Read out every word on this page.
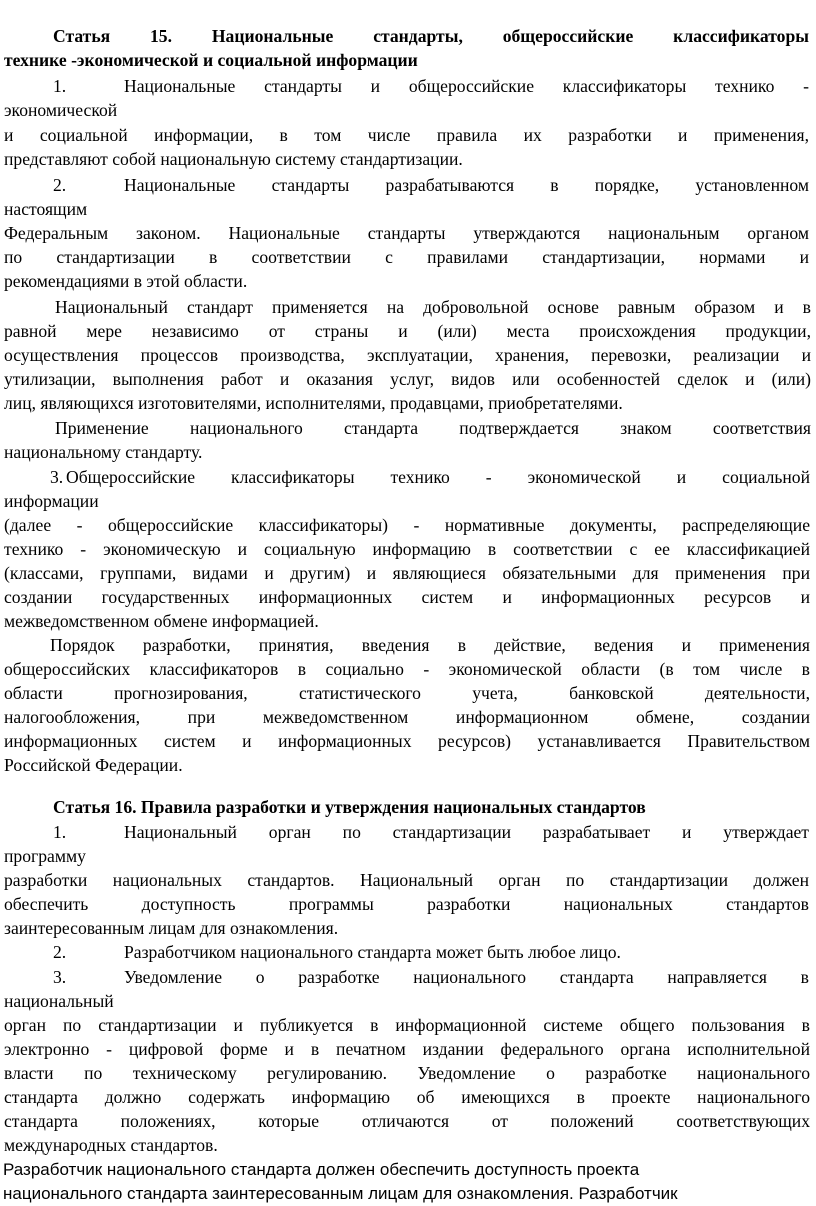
Статья 15. Национальные стандарты, общероссийские классификаторы
технике -экономической и социальной информации
1.	Национальные стандарты и общероссийские классификаторы технико -
экономической
и социальной информации, в том числе правила их разработки и применения,
представляют собой национальную систему стандартизации.
2.	Национальные стандарты разрабатываются в порядке, установленном
настоящим
Федеральным законом. Национальные стандарты утверждаются национальным органом
по стандартизации в соответствии с правилами стандартизации, нормами и
рекомендациями в этой области.
Национальный стандарт применяется на добровольной основе равным образом и в
равной мере независимо от страны и (или) места происхождения продукции,
осуществления процессов производства, эксплуатации, хранения, перевозки, реализации и
утилизации, выполнения работ и оказания услуг, видов или особенностей сделок и (или)
лиц, являющихся изготовителями, исполнителями, продавцами, приобретателями.
Применение национального стандарта подтверждается знаком соответствия
национальному стандарту.
3. Общероссийские классификаторы технико - экономической и социальной
информации
(далее - общероссийские классификаторы) - нормативные документы, распределяющие
технико - экономическую и социальную информацию в соответствии с ее классификацией
(классами, группами, видами и другим) и являющиеся обязательными для применения при
создании государственных информационных систем и информационных ресурсов и
межведомственном обмене информацией.
Порядок разработки, принятия, введения в действие, ведения и применения
общероссийских классификаторов в социально - экономической области (в том числе в
области прогнозирования, статистического учета, банковской деятельности,
налогообложения, при межведомственном информационном обмене, создании
информационных систем и информационных ресурсов) устанавливается Правительством
Российской Федерации.
Статья 16. Правила разработки и утверждения национальных стандартов
1.	Национальный орган по стандартизации разрабатывает и утверждает
программу
разработки национальных стандартов. Национальный орган по стандартизации должен
обеспечить доступность программы разработки национальных стандартов
заинтересованным лицам для ознакомления.
2.	Разработчиком национального стандарта может быть любое лицо.
3.	Уведомление о разработке национального стандарта направляется в
национальный
орган по стандартизации и публикуется в информационной системе общего пользования в
электронно - цифровой форме и в печатном издании федерального органа исполнительной
власти по техническому регулированию. Уведомление о разработке национального
стандарта должно содержать информацию об имеющихся в проекте национального
стандарта положениях, которые отличаются от положений соответствующих
международных стандартов.
Разработчик национального стандарта должен обеспечить доступность проекта
национального стандарта заинтересованным лицам для ознакомления. Разработчик
